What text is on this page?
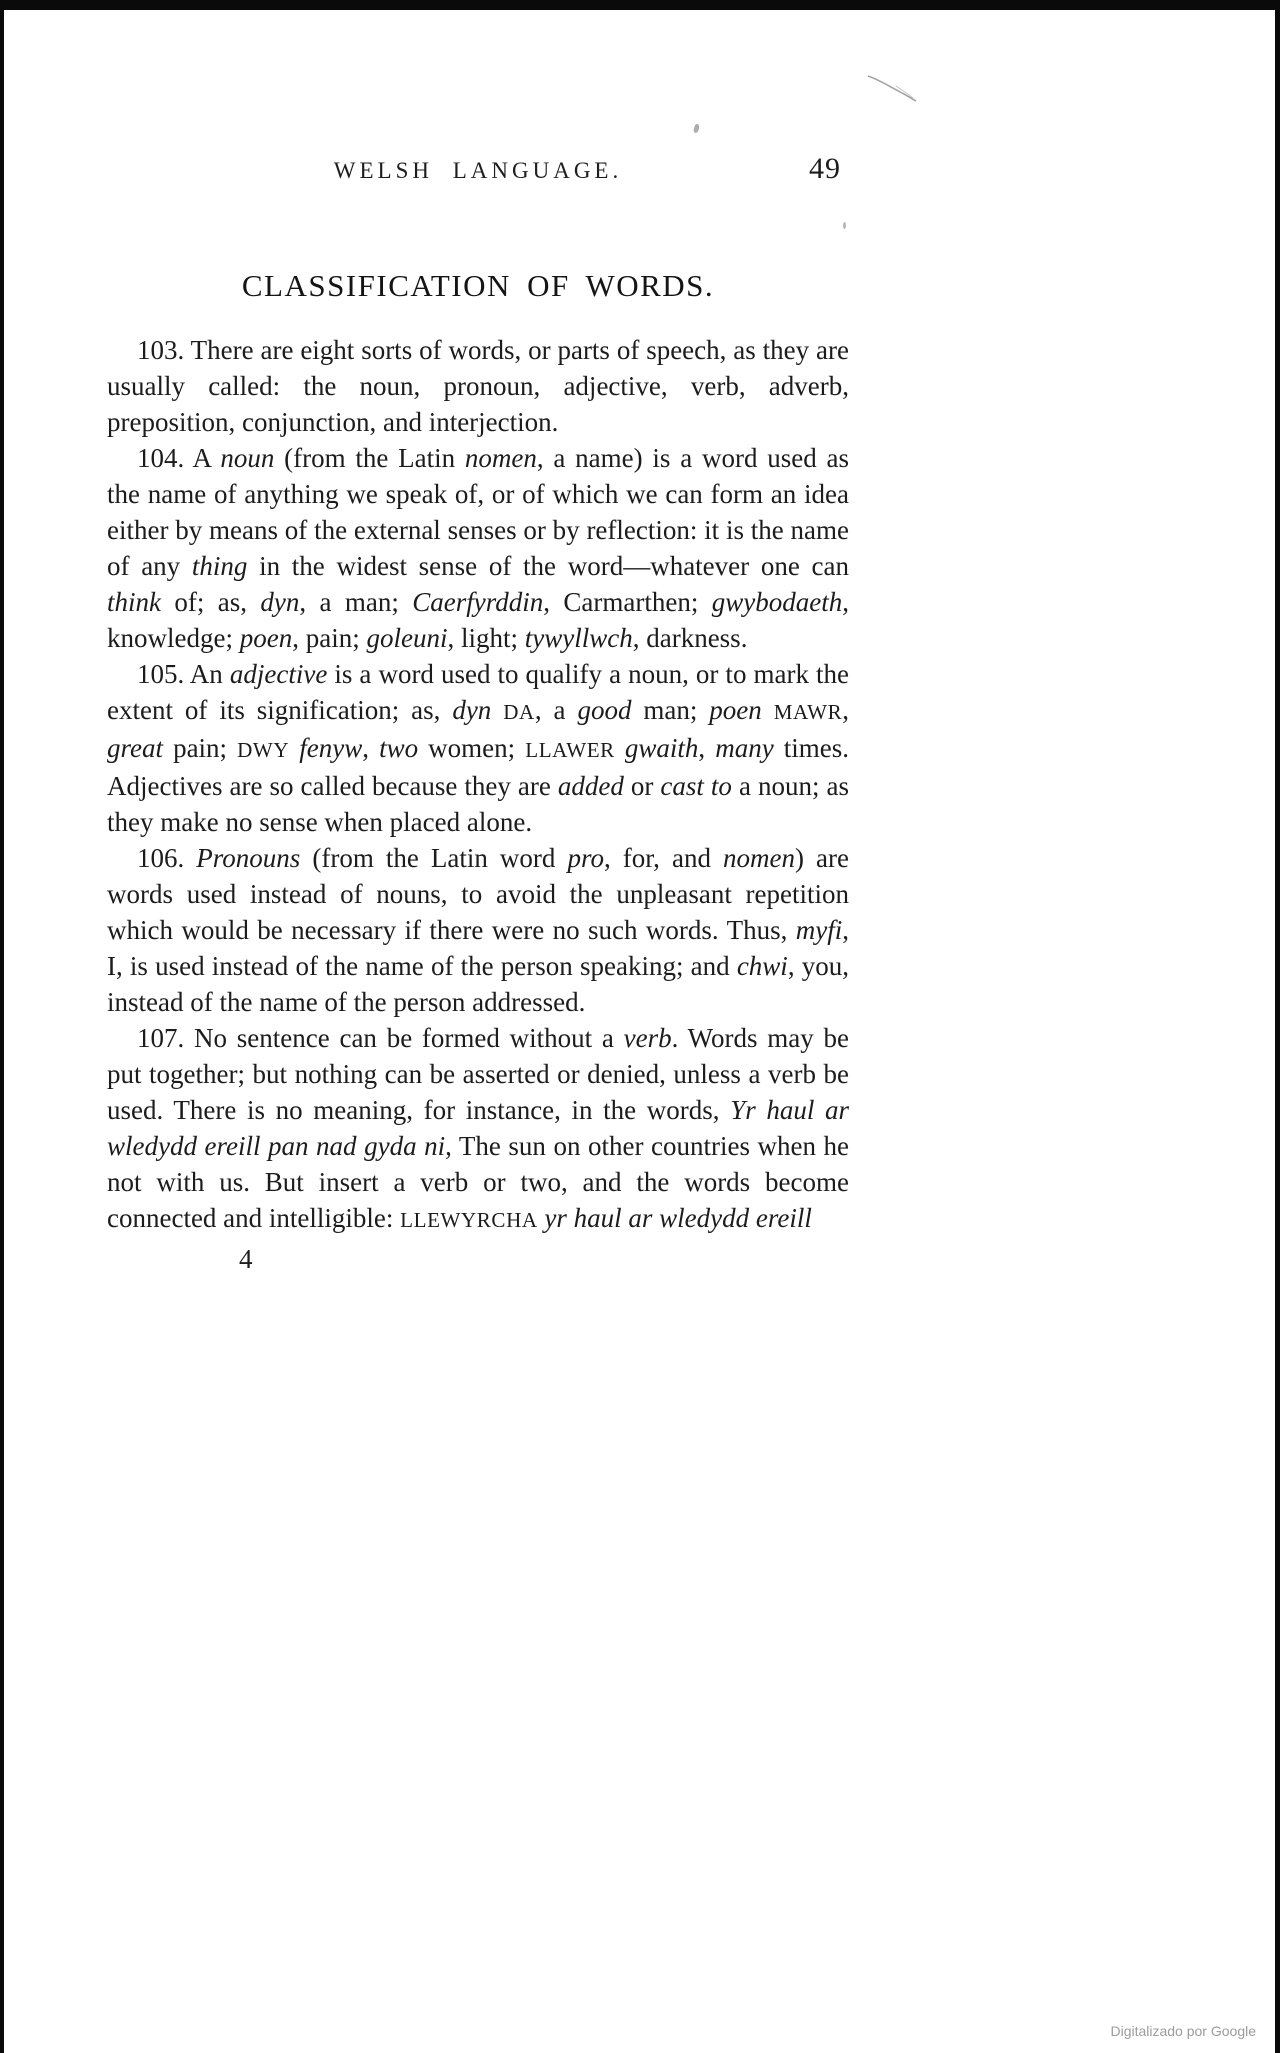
WELSH LANGUAGE.	49
CLASSIFICATION OF WORDS.

103. There are eight sorts of words, or parts of speech, as they are usually called: the noun, pronoun, adjective, verb, adverb, preposition, conjunction, and interjection.

104. A noun (from the Latin nomen, a name) is a word used as the name of anything we speak of, or of which we can form an idea either by means of the external senses or by reflection: it is the name of any thing in the widest sense of the word—whatever one can think of; as, dyn, a man; Caerfyrddin, Carmarthen; gwybodaeth, knowledge; poen, pain; goleuni, light; tywyllwch, darkness.

105. An adjective is a word used to qualify a noun, or to mark the extent of its signification; as, dyn DA, a good man; poen MAWR, great pain; DWY fenyw, two women; LLAWER gwaith, many times. Adjectives are so called because they are added or cast to a noun; as they make no sense when placed alone.

106. Pronouns (from the Latin word pro, for, and nomen) are words used instead of nouns, to avoid the unpleasant repetition which would be necessary if there were no such words. Thus, myfi, I, is used instead of the name of the person speaking; and chwi, you, instead of the name of the person addressed.

107. No sentence can be formed without a verb. Words may be put together; but nothing can be asserted or denied, unless a verb be used. There is no meaning, for instance, in the words, Yr haul ar wledydd ereill pan nad gyda ni, The sun on other countries when he not with us. But insert a verb or two, and the words become connected and intelligible: LLEWYRCHA yr haul ar wledydd ereill

4
Digitalizado por Google
